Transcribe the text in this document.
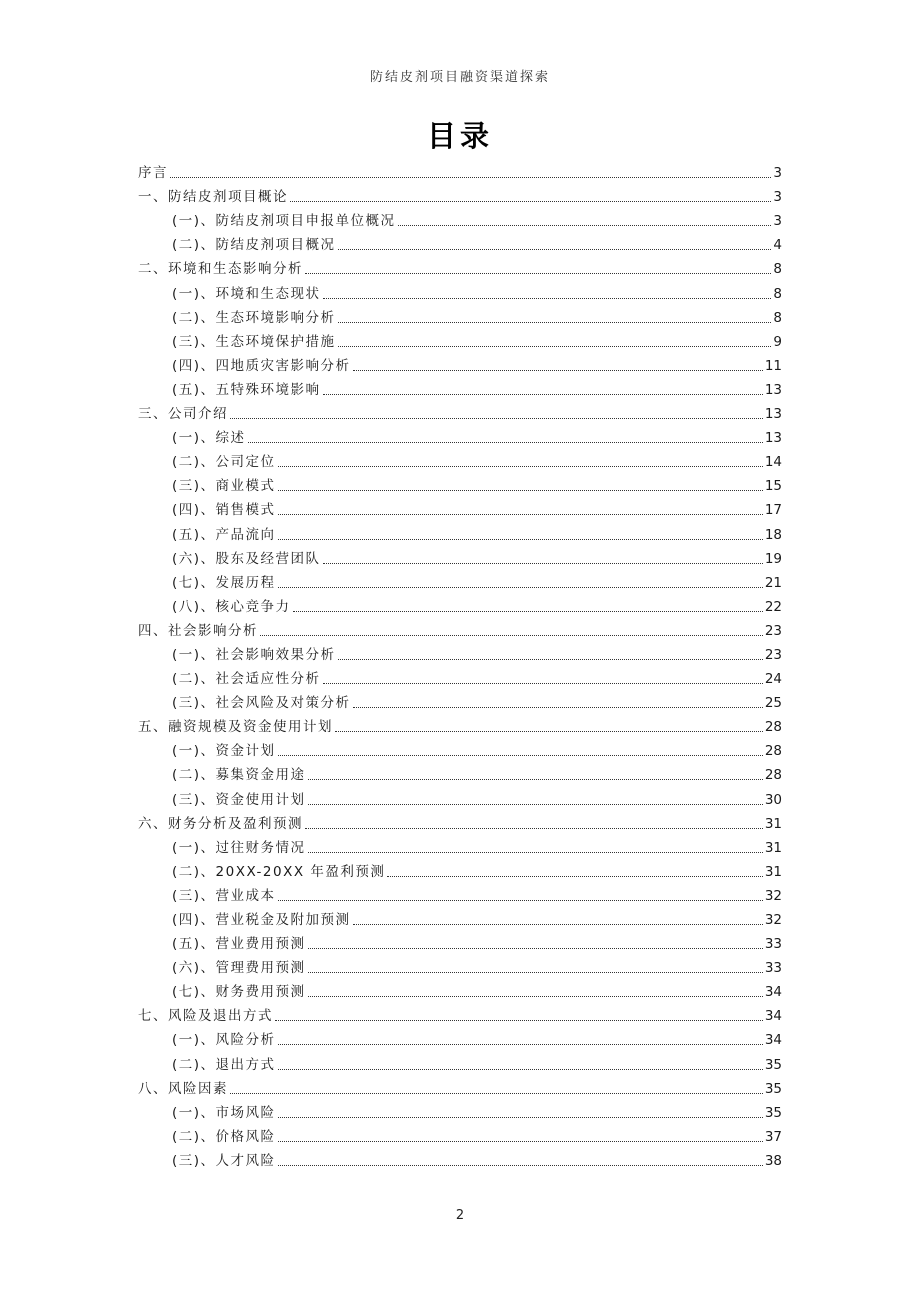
防结皮剂项目融资渠道探索
目录
序言	3
一、防结皮剂项目概论	3
(一)、防结皮剂项目申报单位概况	3
(二)、防结皮剂项目概况	4
二、环境和生态影响分析	8
(一)、环境和生态现状	8
(二)、生态环境影响分析	8
(三)、生态环境保护措施	9
(四)、四地质灾害影响分析	11
(五)、五特殊环境影响	13
三、公司介绍	13
(一)、综述	13
(二)、公司定位	14
(三)、商业模式	15
(四)、销售模式	17
(五)、产品流向	18
(六)、股东及经营团队	19
(七)、发展历程	21
(八)、核心竞争力	22
四、社会影响分析	23
(一)、社会影响效果分析	23
(二)、社会适应性分析	24
(三)、社会风险及对策分析	25
五、融资规模及资金使用计划	28
(一)、资金计划	28
(二)、募集资金用途	28
(三)、资金使用计划	30
六、财务分析及盈利预测	31
(一)、过往财务情况	31
(二)、20XX-20XX 年盈利预测	31
(三)、营业成本	32
(四)、营业税金及附加预测	32
(五)、营业费用预测	33
(六)、管理费用预测	33
(七)、财务费用预测	34
七、风险及退出方式	34
(一)、风险分析	34
(二)、退出方式	35
八、风险因素	35
(一)、市场风险	35
(二)、价格风险	37
(三)、人才风险	38
2
